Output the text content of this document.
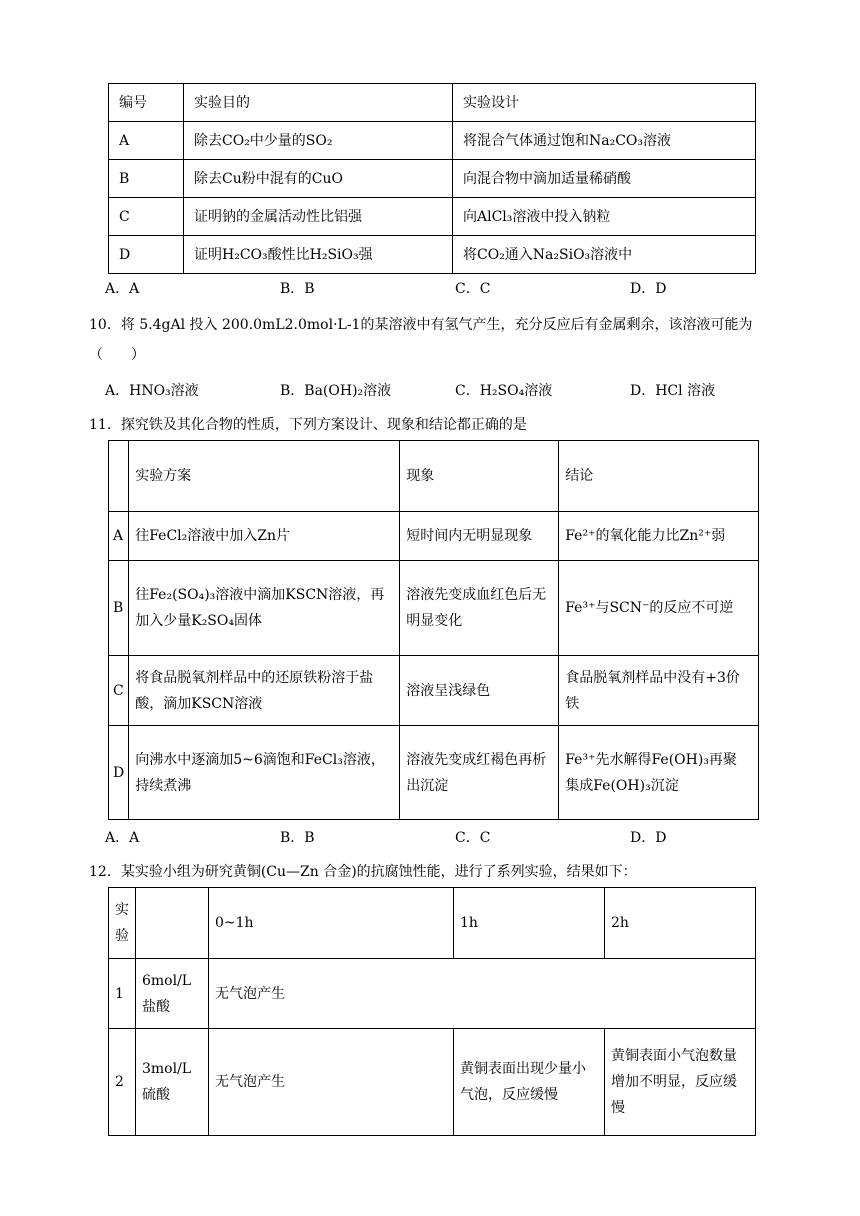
编号	实验目的	实验设计
A	除去CO₂中少量的SO₂	将混合气体通过饱和Na₂CO₃溶液
B	除去Cu粉中混有的CuO	向混合物中滴加适量稀硝酸
C	证明钠的金属活动性比铝强	向AlCl₃溶液中投入钠粒
D	证明H₂CO₃酸性比H₂SiO₃强	将CO₂通入Na₂SiO₃溶液中
A．A	B．B	C．C	D．D
10．将 5.4gAl 投入 200.0mL2.0mol·L-1的某溶液中有氢气产生，充分反应后有金属剩余，该溶液可能为
（　　）
A．HNO₃溶液	B．Ba(OH)₂溶液	C．H₂SO₄溶液	D．HCl 溶液
11．探究铁及其化合物的性质，下列方案设计、现象和结论都正确的是
	实验方案	现象	结论
A	往FeCl₂溶液中加入Zn片	短时间内无明显现象	Fe²⁺的氧化能力比Zn²⁺弱
B	往Fe₂(SO₄)₃溶液中滴加KSCN溶液，再加入少量K₂SO₄固体	溶液先变成血红色后无明显变化	Fe³⁺与SCN⁻的反应不可逆
C	将食品脱氧剂样品中的还原铁粉溶于盐酸，滴加KSCN溶液	溶液呈浅绿色	食品脱氧剂样品中没有+3价铁
D	向沸水中逐滴加5~6滴饱和FeCl₃溶液，持续煮沸	溶液先变成红褐色再析出沉淀	Fe³⁺先水解得Fe(OH)₃再聚集成Fe(OH)₃沉淀
A．A	B．B	C．C	D．D
12．某实验小组为研究黄铜(Cu—Zn 合金)的抗腐蚀性能，进行了系列实验，结果如下：
实验		0~1h	1h	2h
1	6mol/L盐酸	无气泡产生		
2	3mol/L硫酸	无气泡产生	黄铜表面出现少量小气泡，反应缓慢	黄铜表面小气泡数量增加不明显，反应缓慢
